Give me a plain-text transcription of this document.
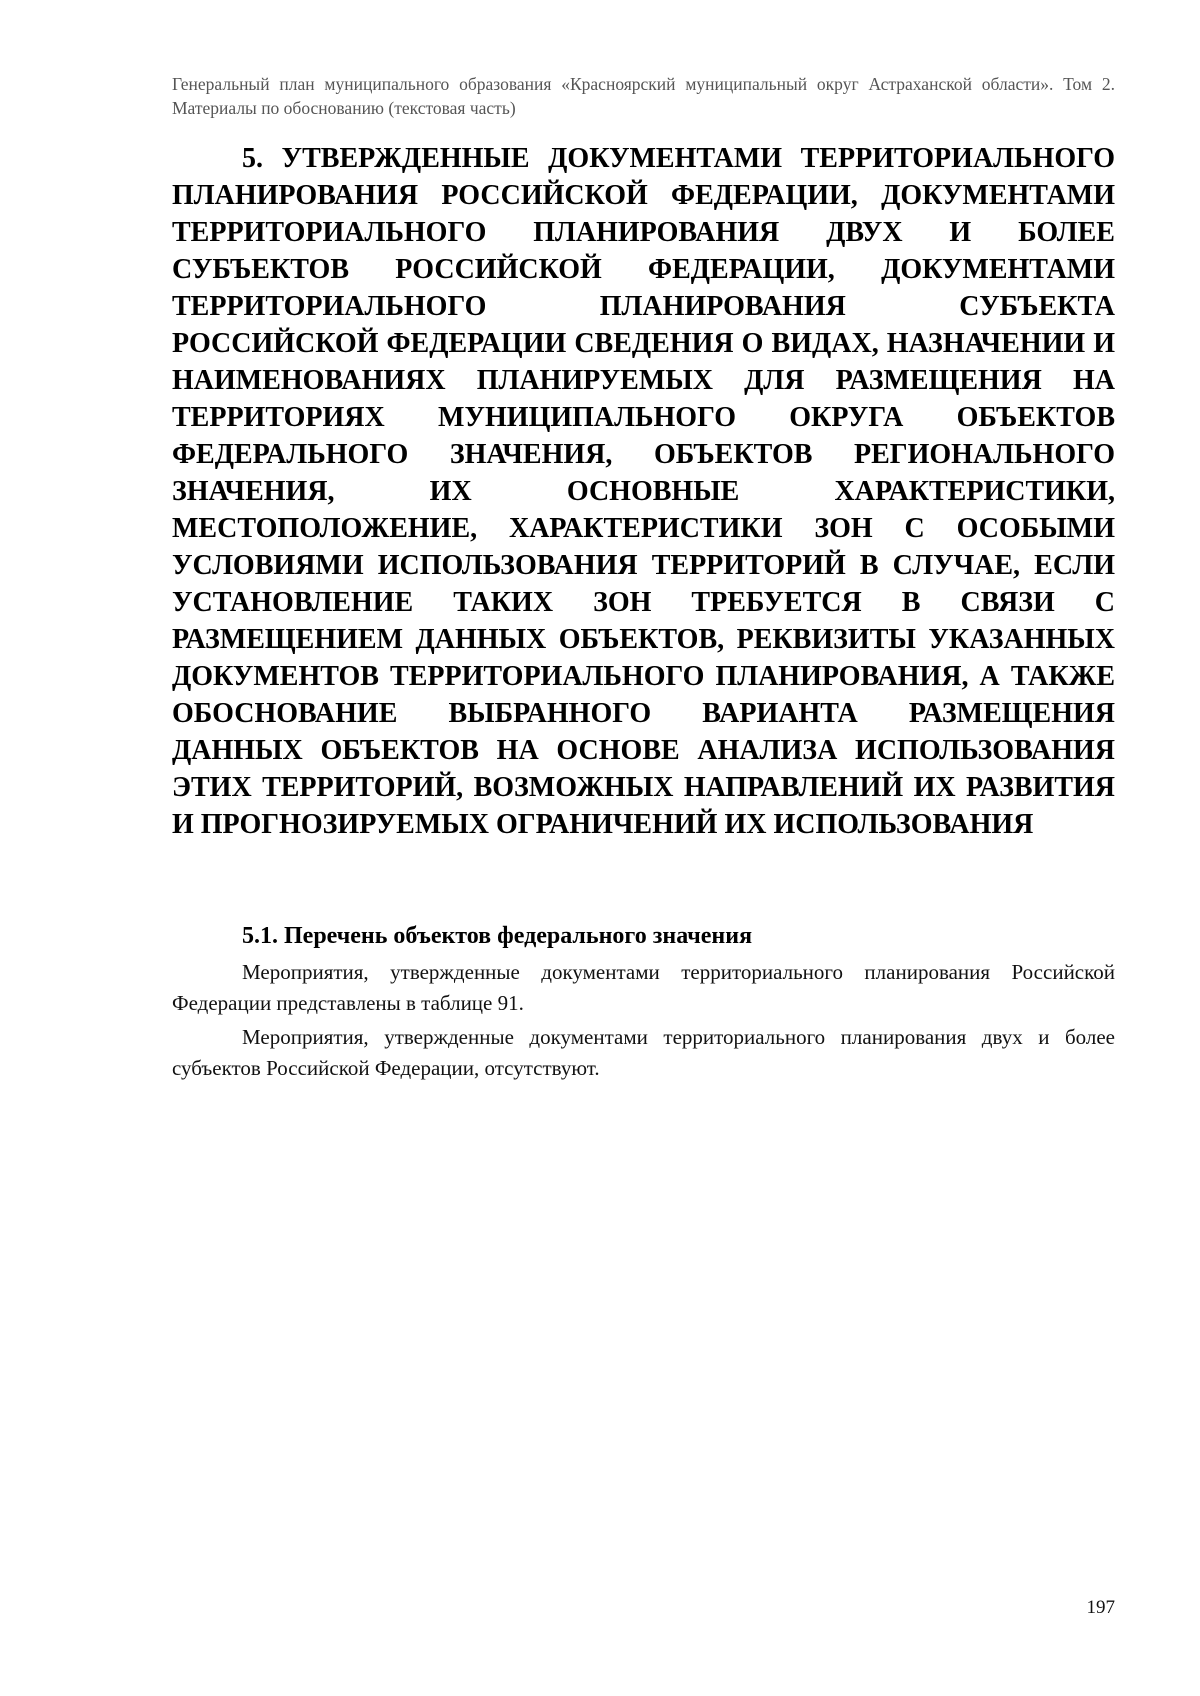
Генеральный план муниципального образования «Красноярский муниципальный округ Астраханской области». Том 2. Материалы по обоснованию (текстовая часть)
5. УТВЕРЖДЕННЫЕ ДОКУМЕНТАМИ ТЕРРИТОРИАЛЬНОГО ПЛАНИРОВАНИЯ РОССИЙСКОЙ ФЕДЕРАЦИИ, ДОКУМЕНТАМИ ТЕРРИТОРИАЛЬНОГО ПЛАНИРОВАНИЯ ДВУХ И БОЛЕЕ СУБЪЕКТОВ РОССИЙСКОЙ ФЕДЕРАЦИИ, ДОКУМЕНТАМИ ТЕРРИТОРИАЛЬНОГО ПЛАНИРОВАНИЯ СУБЪЕКТА РОССИЙСКОЙ ФЕДЕРАЦИИ СВЕДЕНИЯ О ВИДАХ, НАЗНАЧЕНИИ И НАИМЕНОВАНИЯХ ПЛАНИРУЕМЫХ ДЛЯ РАЗМЕЩЕНИЯ НА ТЕРРИТОРИЯХ МУНИЦИПАЛЬНОГО ОКРУГА ОБЪЕКТОВ ФЕДЕРАЛЬНОГО ЗНАЧЕНИЯ, ОБЪЕКТОВ РЕГИОНАЛЬНОГО ЗНАЧЕНИЯ, ИХ ОСНОВНЫЕ ХАРАКТЕРИСТИКИ, МЕСТОПОЛОЖЕНИЕ, ХАРАКТЕРИСТИКИ ЗОН С ОСОБЫМИ УСЛОВИЯМИ ИСПОЛЬЗОВАНИЯ ТЕРРИТОРИЙ В СЛУЧАЕ, ЕСЛИ УСТАНОВЛЕНИЕ ТАКИХ ЗОН ТРЕБУЕТСЯ В СВЯЗИ С РАЗМЕЩЕНИЕМ ДАННЫХ ОБЪЕКТОВ, РЕКВИЗИТЫ УКАЗАННЫХ ДОКУМЕНТОВ ТЕРРИТОРИАЛЬНОГО ПЛАНИРОВАНИЯ, А ТАКЖЕ ОБОСНОВАНИЕ ВЫБРАННОГО ВАРИАНТА РАЗМЕЩЕНИЯ ДАННЫХ ОБЪЕКТОВ НА ОСНОВЕ АНАЛИЗА ИСПОЛЬЗОВАНИЯ ЭТИХ ТЕРРИТОРИЙ, ВОЗМОЖНЫХ НАПРАВЛЕНИЙ ИХ РАЗВИТИЯ И ПРОГНОЗИРУЕМЫХ ОГРАНИЧЕНИЙ ИХ ИСПОЛЬЗОВАНИЯ
5.1. Перечень объектов федерального значения

Мероприятия, утвержденные документами территориального планирования Российской Федерации представлены в таблице 91.

Мероприятия, утвержденные документами территориального планирования двух и более субъектов Российской Федерации, отсутствуют.

197
